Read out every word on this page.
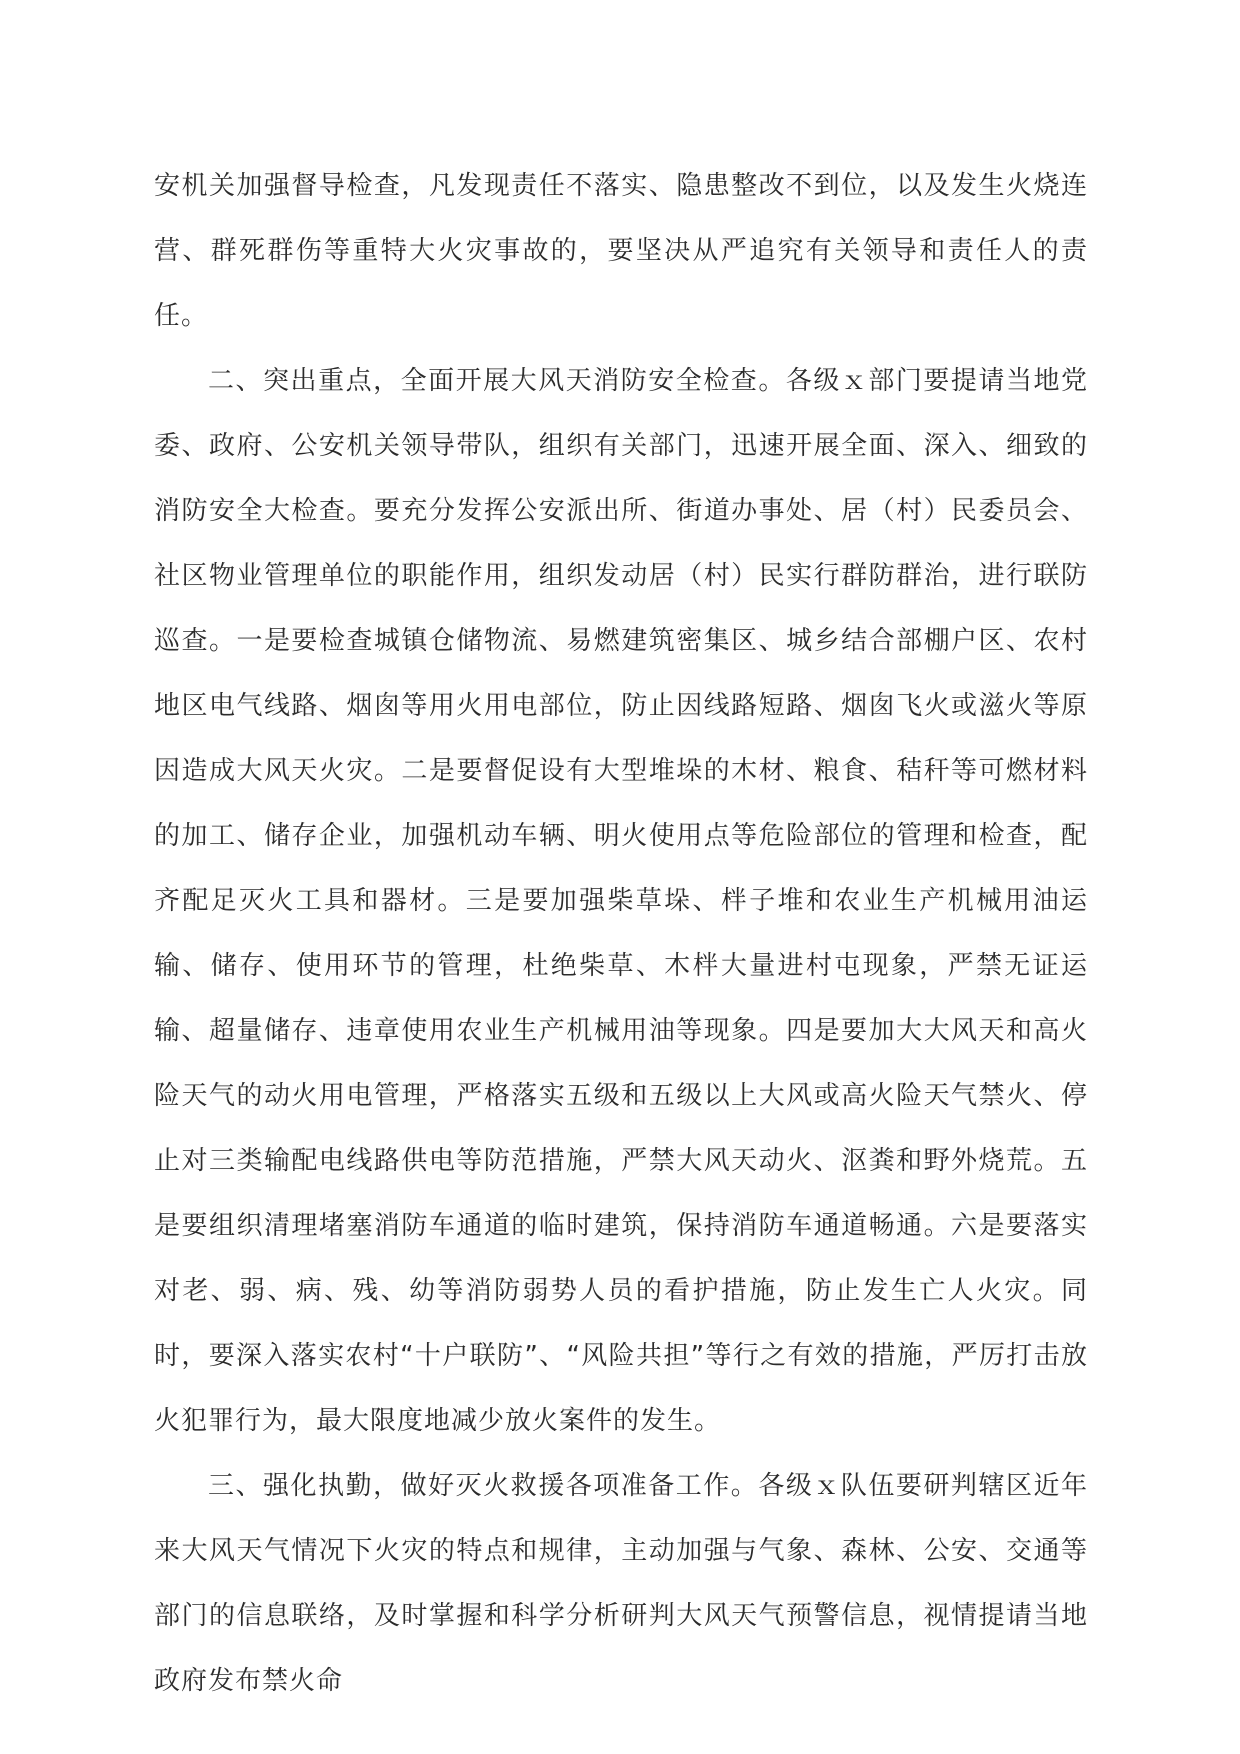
安机关加强督导检查，凡发现责任不落实、隐患整改不到位，以及发生火烧连营、群死群伤等重特大火灾事故的，要坚决从严追究有关领导和责任人的责任。

二、突出重点，全面开展大风天消防安全检查。各级ｘ部门要提请当地党委、政府、公安机关领导带队，组织有关部门，迅速开展全面、深入、细致的消防安全大检查。要充分发挥公安派出所、街道办事处、居（村）民委员会、社区物业管理单位的职能作用，组织发动居（村）民实行群防群治，进行联防巡查。一是要检查城镇仓储物流、易燃建筑密集区、城乡结合部棚户区、农村地区电气线路、烟囱等用火用电部位，防止因线路短路、烟囱飞火或滋火等原因造成大风天火灾。二是要督促设有大型堆垛的木材、粮食、秸秆等可燃材料的加工、储存企业，加强机动车辆、明火使用点等危险部位的管理和检查，配齐配足灭火工具和器材。三是要加强柴草垛、柈子堆和农业生产机械用油运输、储存、使用环节的管理，杜绝柴草、木柈大量进村屯现象，严禁无证运输、超量储存、违章使用农业生产机械用油等现象。四是要加大大风天和高火险天气的动火用电管理，严格落实五级和五级以上大风或高火险天气禁火、停止对三类输配电线路供电等防范措施，严禁大风天动火、沤粪和野外烧荒。五是要组织清理堵塞消防车通道的临时建筑，保持消防车通道畅通。六是要落实对老、弱、病、残、幼等消防弱势人员的看护措施，防止发生亡人火灾。同时，要深入落实农村“十户联防”、“风险共担”等行之有效的措施，严厉打击放火犯罪行为，最大限度地减少放火案件的发生。

三、强化执勤，做好灭火救援各项准备工作。各级ｘ队伍要研判辖区近年来大风天气情况下火灾的特点和规律，主动加强与气象、森林、公安、交通等部门的信息联络，及时掌握和科学分析研判大风天气预警信息，视情提请当地政府发布禁火命
